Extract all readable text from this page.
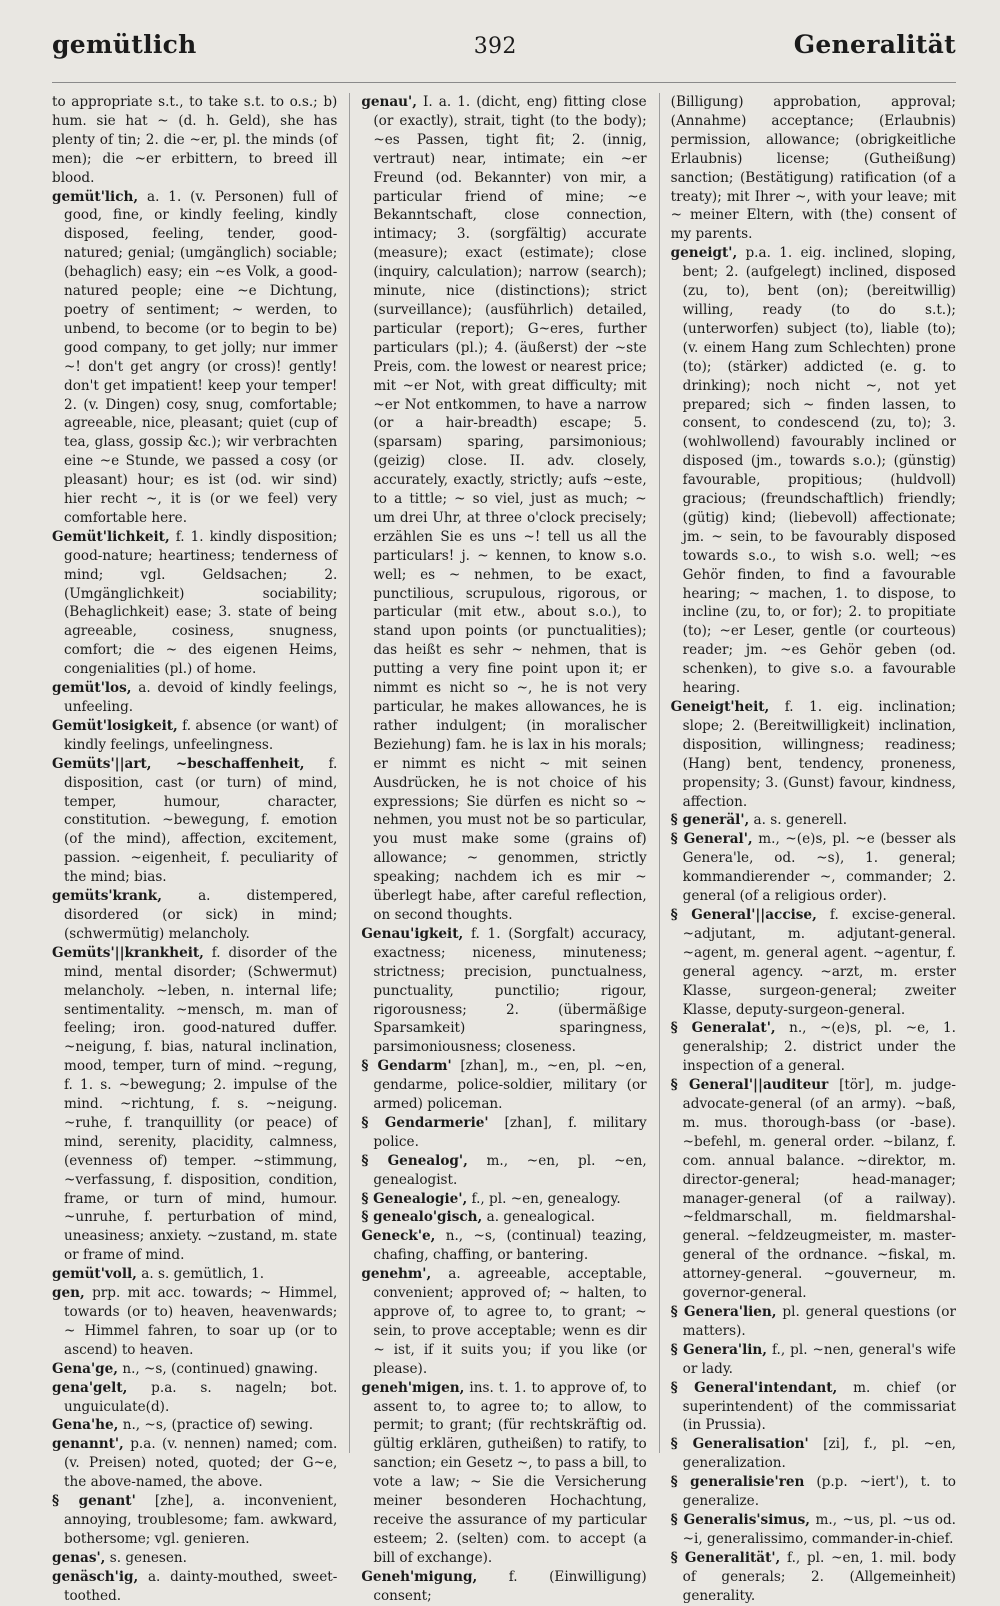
gemütlich	392	Generalität

to appropriate s.t., to take s.t. to o.s.; b) hum. sie hat ~ (d. h. Geld), she has plenty of tin; 2. die ~er, pl. the minds (of men); die ~er erbittern, to breed ill blood.

gemüt'lich, a. 1. (v. Personen) full of good, fine, or kindly feeling, kindly disposed, feeling, tender, good-natured; genial; (umgänglich) sociable; (behaglich) easy; ein ~es Volk, a good-natured people; eine ~e Dichtung, poetry of sentiment; ~ werden, to unbend, to become (or to begin to be) good company, to get jolly; nur immer ~! don't get angry (or cross)! gently! don't get impatient! keep your temper! 2. (v. Dingen) cosy, snug, comfortable; agreeable, nice, pleasant; quiet (cup of tea, glass, gossip &c.); wir verbrachten eine ~e Stunde, we passed a cosy (or pleasant) hour; es ist (od. wir sind) hier recht ~, it is (or we feel) very comfortable here.

Gemüt'lichkeit, f. 1. kindly disposition; good-nature; heartiness; tenderness of mind; vgl. Geldsachen; 2. (Umgänglichkeit) sociability; (Behaglichkeit) ease; 3. state of being agreeable, cosiness, snugness, comfort; die ~ des eigenen Heims, congenialities (pl.) of home.

gemüt'los, a. devoid of kindly feelings, unfeeling.

Gemüt'losigkeit, f. absence (or want) of kindly feelings, unfeelingness.

Gemüts'||art, ~beschaffenheit, f. disposition, cast (or turn) of mind, temper, humour, character, constitution. ~bewegung, f. emotion (of the mind), affection, excitement, passion. ~eigenheit, f. peculiarity of the mind; bias.

gemüts'krank,	a. distempered, disordered (or sick) in mind; (schwermütig) melancholy.

Gemüts'||krankheit, f. disorder of the mind, mental disorder; (Schwermut) melancholy. ~leben, n. internal life; sentimentality. ~mensch, m. man of feeling; iron. good-natured duffer. ~neigung, f. bias, natural inclination, mood, temper, turn of mind. ~regung, f. 1. s. ~bewegung; 2. impulse of the mind. ~richtung, f. s. ~neigung. ~ruhe, f. tranquillity (or peace) of mind, serenity, placidity, calmness, (evenness of) temper. ~stimmung, ~verfassung, f. disposition, condition, frame, or turn of mind, humour. ~unruhe, f. perturbation of mind, uneasiness; anxiety. ~zustand, m. state or frame of mind.

gemüt'voll, a. s. gemütlich, 1.

gen, prp. mit acc. towards; ~ Himmel, towards (or to) heaven, heavenwards; ~ Himmel fahren, to soar up (or to ascend) to heaven.

Gena'ge, n., ~s, (continued) gnawing.

gena'gelt, p.a. s. nageln; bot. unguiculate(d).

Gena'he, n., ~s, (practice of) sewing.

genannt', p.a. (v. nennen) named; com. (v. Preisen) noted, quoted; der G~e, the above-named, the above.

§ genant' [zhe], a. inconvenient, annoying, troublesome; fam. awkward, bothersome; vgl. genieren.

genas', s. genesen.

genäsch'ig, a. dainty-mouthed, sweet-toothed.

genau', I. a. 1. (dicht, eng) fitting close (or exactly), strait, tight (to the body); ~es Passen, tight fit; 2. (innig, vertraut) near, intimate; ein ~er Freund (od. Bekannter) von mir, a particular friend of mine; ~e Bekanntschaft, close connection, intimacy; 3. (sorgfältig) accurate (measure); exact (estimate); close (inquiry, calculation); narrow (search); minute, nice (distinctions); strict (surveillance); (ausführlich) detailed, particular (report); G~eres, further particulars (pl.); 4. (äußerst) der ~ste Preis, com. the lowest or nearest price; mit ~er Not, with great difficulty; mit ~er Not entkommen, to have a narrow (or a hair-breadth) escape; 5. (sparsam) sparing, parsimonious; (geizig) close. II. adv. closely, accurately, exactly, strictly; aufs ~este, to a tittle; ~ so viel, just as much; ~ um drei Uhr, at three o'clock precisely; erzählen Sie es uns ~! tell us all the particulars! j. ~ kennen, to know s.o. well; es ~ nehmen, to be exact, punctilious, scrupulous, rigorous, or particular (mit etw., about s.o.), to stand upon points (or punctualities); das heißt es sehr ~ nehmen, that is putting a very fine point upon it; er nimmt es nicht so ~, he is not very particular, he makes allowances, he is rather indulgent; (in moralischer Beziehung) fam. he is lax in his morals; er nimmt es nicht ~ mit seinen Ausdrücken, he is not choice of his expressions; Sie dürfen es nicht so ~ nehmen, you must not be so particular, you must make some (grains of) allowance; ~ genommen, strictly speaking; nachdem ich es mir ~ überlegt habe, after careful reflection, on second thoughts.

Genau'igkeit, f. 1. (Sorgfalt) accuracy, exactness; niceness, minuteness; strictness; precision, punctualness, punctuality, punctilio; rigour, rigorousness; 2. (übermäßige Sparsamkeit) sparingness, parsimoniousness; closeness.

§ Gendarm' [zhan], m., ~en, pl. ~en, gendarme, police-soldier, military (or armed) policeman.

§ Gendarmerie' [zhan], f. military police.

§ Genealog', m., ~en, pl. ~en, genealogist.

§ Genealogie', f., pl. ~en, genealogy.

§ genealo'gisch, a. genealogical.

Geneck'e, n., ~s, (continual) teazing, chafing, chaffing, or bantering.

genehm', a. agreeable, acceptable, convenient; approved of; ~ halten, to approve of, to agree to, to grant; ~ sein, to prove acceptable; wenn es dir ~ ist, if it suits you; if you like (or please).

geneh'migen, ins. t. 1. to approve of, to assent to, to agree to; to allow, to permit; to grant; (für rechtskräftig od. gültig erklären, gutheißen) to ratify, to sanction; ein Gesetz ~, to pass a bill, to vote a law; ~ Sie die Versicherung meiner besonderen Hochachtung, receive the assurance of my particular esteem; 2. (selten) com. to accept (a bill of exchange).

Geneh'migung, f. (Einwilligung) consent;

(Billigung) approbation, approval; (Annahme) acceptance; (Erlaubnis) permission, allowance; (obrigkeitliche Erlaubnis) license; (Gutheißung) sanction; (Bestätigung) ratification (of a treaty); mit Ihrer ~, with your leave; mit ~ meiner Eltern, with (the) consent of my parents.

geneigt', p.a. 1. eig. inclined, sloping, bent; 2. (aufgelegt) inclined, disposed (zu, to), bent (on); (bereitwillig) willing, ready (to do s.t.); (unterworfen) subject (to), liable (to); (v. einem Hang zum Schlechten) prone (to); (stärker) addicted (e. g. to drinking); noch nicht ~, not yet prepared; sich ~ finden lassen, to consent, to condescend (zu, to); 3. (wohlwollend) favourably inclined or disposed (jm., towards s.o.); (günstig) favourable, propitious; (huldvoll) gracious; (freundschaftlich) friendly; (gütig) kind; (liebevoll) affectionate; jm. ~ sein, to be favourably disposed towards s.o., to wish s.o. well; ~es Gehör finden, to find a favourable hearing; ~ machen, 1. to dispose, to incline (zu, to, or for); 2. to propitiate (to); ~er Leser, gentle (or courteous) reader; jm. ~es Gehör geben (od. schenken), to give s.o. a favourable hearing.

Geneigt'heit, f. 1. eig. inclination; slope; 2. (Bereitwilligkeit) inclination, disposition, willingness; readiness; (Hang) bent, tendency, proneness, propensity; 3. (Gunst) favour, kindness, affection.

§ generäl', a. s. generell.

§ General', m., ~(e)s, pl. ~e (besser als Genera'le, od. ~s), 1. general; kommandierender ~, commander; 2. general (of a religious order).

§ General'||accise, f. excise-general. ~adjutant, m. adjutant-general. ~agent, m. general agent. ~agentur, f. general agency. ~arzt, m. erster Klasse, surgeon-general; zweiter Klasse, deputy-surgeon-general.

§ Generalat', n., ~(e)s, pl. ~e, 1. generalship; 2. district under the inspection of a general.

§ General'||auditeur [tör], m. judge-advocate-general (of an army). ~baß, m. mus. thorough-bass (or -base). ~befehl, m. general order. ~bilanz, f. com. annual balance. ~direktor, m. director-general; head-manager; manager-general (of a railway). ~feldmarschall, m. fieldmarshal-general. ~feldzeugmeister, m. master-general of the ordnance. ~fiskal, m. attorney-general. ~gouverneur, m. governor-general.

§ Genera'lien, pl. general questions (or matters).

§ Genera'lin, f., pl. ~nen, general's wife or lady.

§ General'intendant, m. chief (or superintendent) of the commissariat (in Prussia).

§ Generalisation' [zi], f., pl. ~en, generalization.

§ generalisie'ren (p.p. ~iert'), t. to generalize.

§ Generalis'simus, m., ~us, pl. ~us od. ~i, generalissimo, commander-in-chief.

§ Generalität', f., pl. ~en, 1. mil. body of generals; 2. (Allgemeinheit) generality.
